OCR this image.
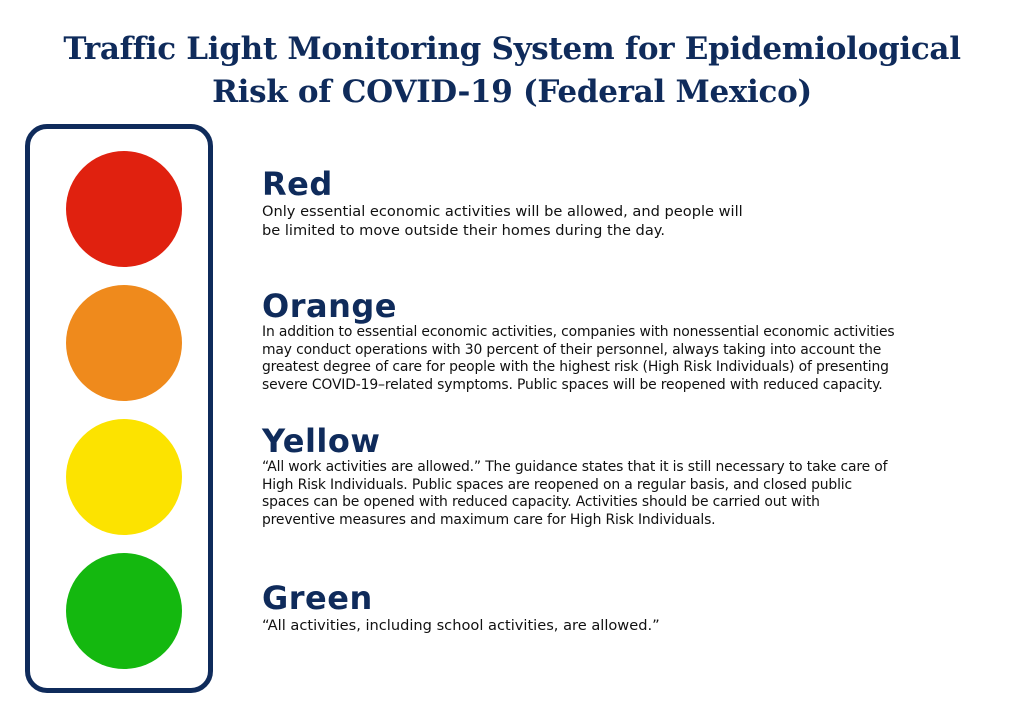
Traffic Light Monitoring System for Epidemiological
Risk of COVID-19 (Federal Mexico)
Red

Only essential economic activities will be allowed, and people will
be limited to move outside their homes during the day.

Orange

In addition to essential economic activities, companies with nonessential economic activities
may conduct operations with 30 percent of their personnel, always taking into account the
greatest degree of care for people with the highest risk (High Risk Individuals) of presenting
severe COVID-19–related symptoms. Public spaces will be reopened with reduced capacity.

Yellow

“All work activities are allowed.” The guidance states that it is still necessary to take care of
High Risk Individuals. Public spaces are reopened on a regular basis, and closed public
spaces can be opened with reduced capacity. Activities should be carried out with
preventive measures and maximum care for High Risk Individuals.

Green

“All activities, including school activities, are allowed.”
